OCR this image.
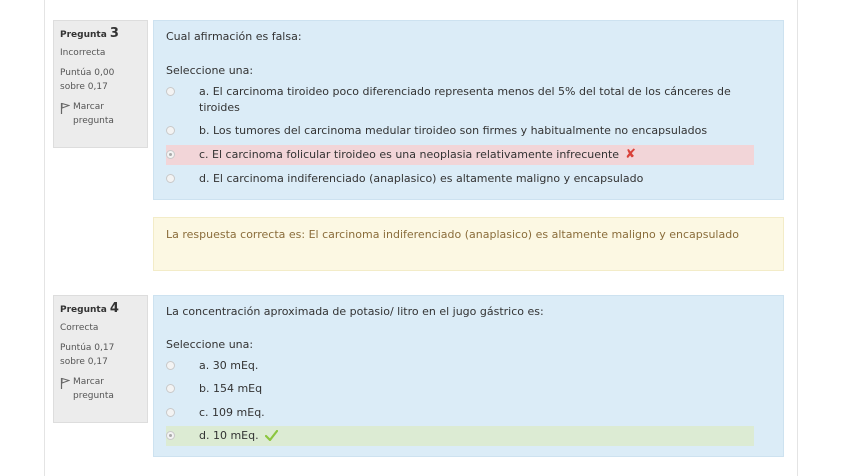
Pregunta 3
Incorrecta
Puntúa 0,00
sobre 0,17
Marcar
pregunta
Cual afirmación es falsa:
Seleccione una:
a. El carcinoma tiroideo poco diferenciado representa menos del 5% del total de los cánceres de tiroides
b. Los tumores del carcinoma medular tiroideo son firmes y habitualmente no encapsulados
c. El carcinoma folicular tiroideo es una neoplasia relativamente infrecuente ✘
d. El carcinoma indiferenciado (anaplasico) es altamente maligno y encapsulado
La respuesta correcta es: El carcinoma indiferenciado (anaplasico) es altamente maligno y encapsulado
Pregunta 4
Correcta
Puntúa 0,17
sobre 0,17
Marcar
pregunta
La concentración aproximada de potasio/ litro en el jugo gástrico es:
Seleccione una:
a. 30 mEq.
b. 154 mEq
c. 109 mEq.
d. 10 mEq.
